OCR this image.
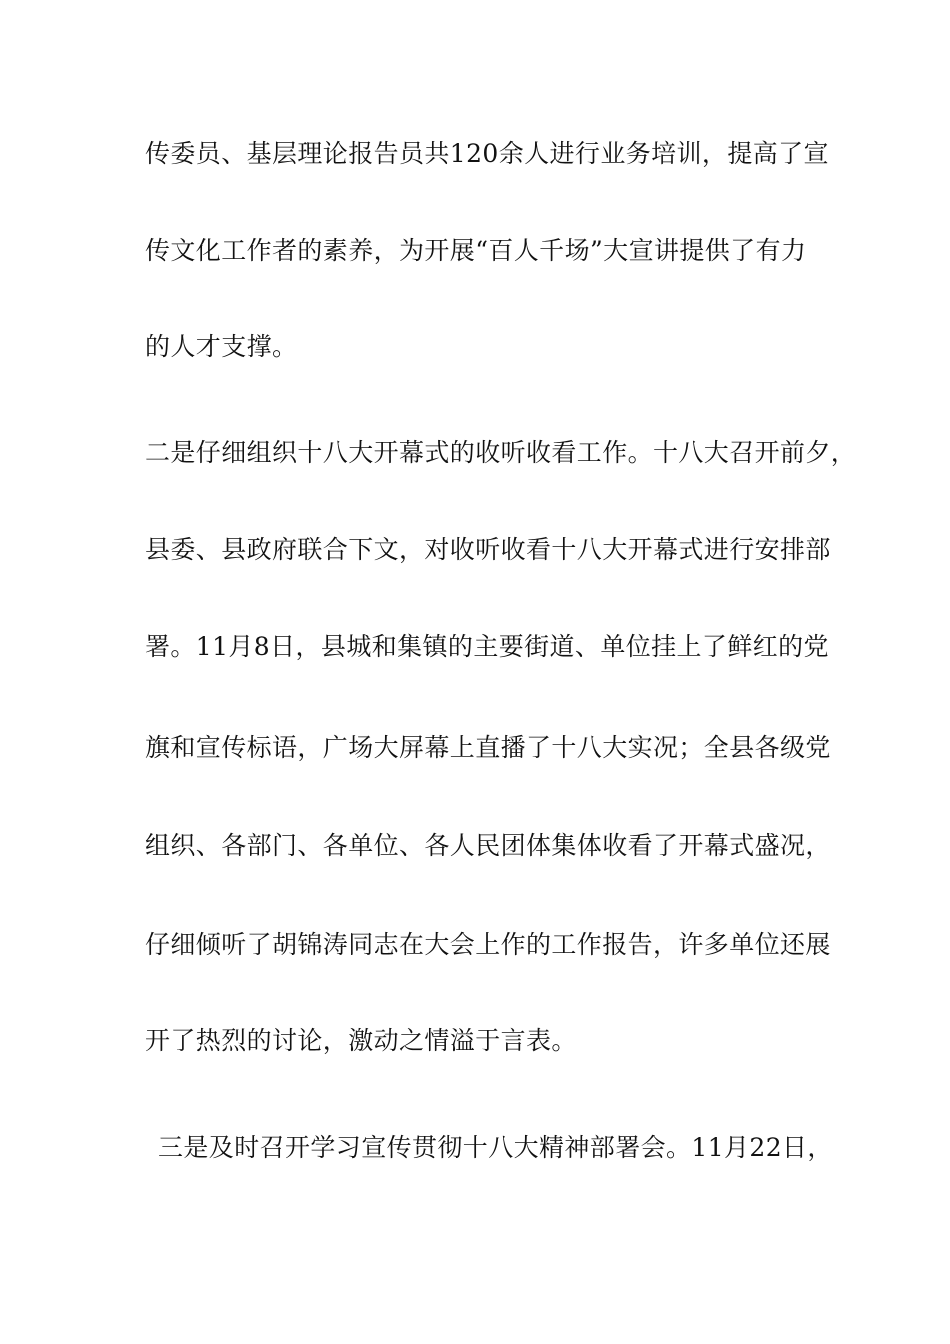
传委员、基层理论报告员共120余人进行业务培训，提高了宣
传文化工作者的素养，为开展“百人千场”大宣讲提供了有力
的人才支撑。
二是仔细组织十八大开幕式的收听收看工作。十八大召开前夕，
县委、县政府联合下文，对收听收看十八大开幕式进行安排部
署。11月8日，县城和集镇的主要街道、单位挂上了鲜红的党
旗和宣传标语，广场大屏幕上直播了十八大实况；全县各级党
组织、各部门、各单位、各人民团体集体收看了开幕式盛况，
仔细倾听了胡锦涛同志在大会上作的工作报告，许多单位还展
开了热烈的讨论，激动之情溢于言表。
三是及时召开学习宣传贯彻十八大精神部署会。11月22日，
